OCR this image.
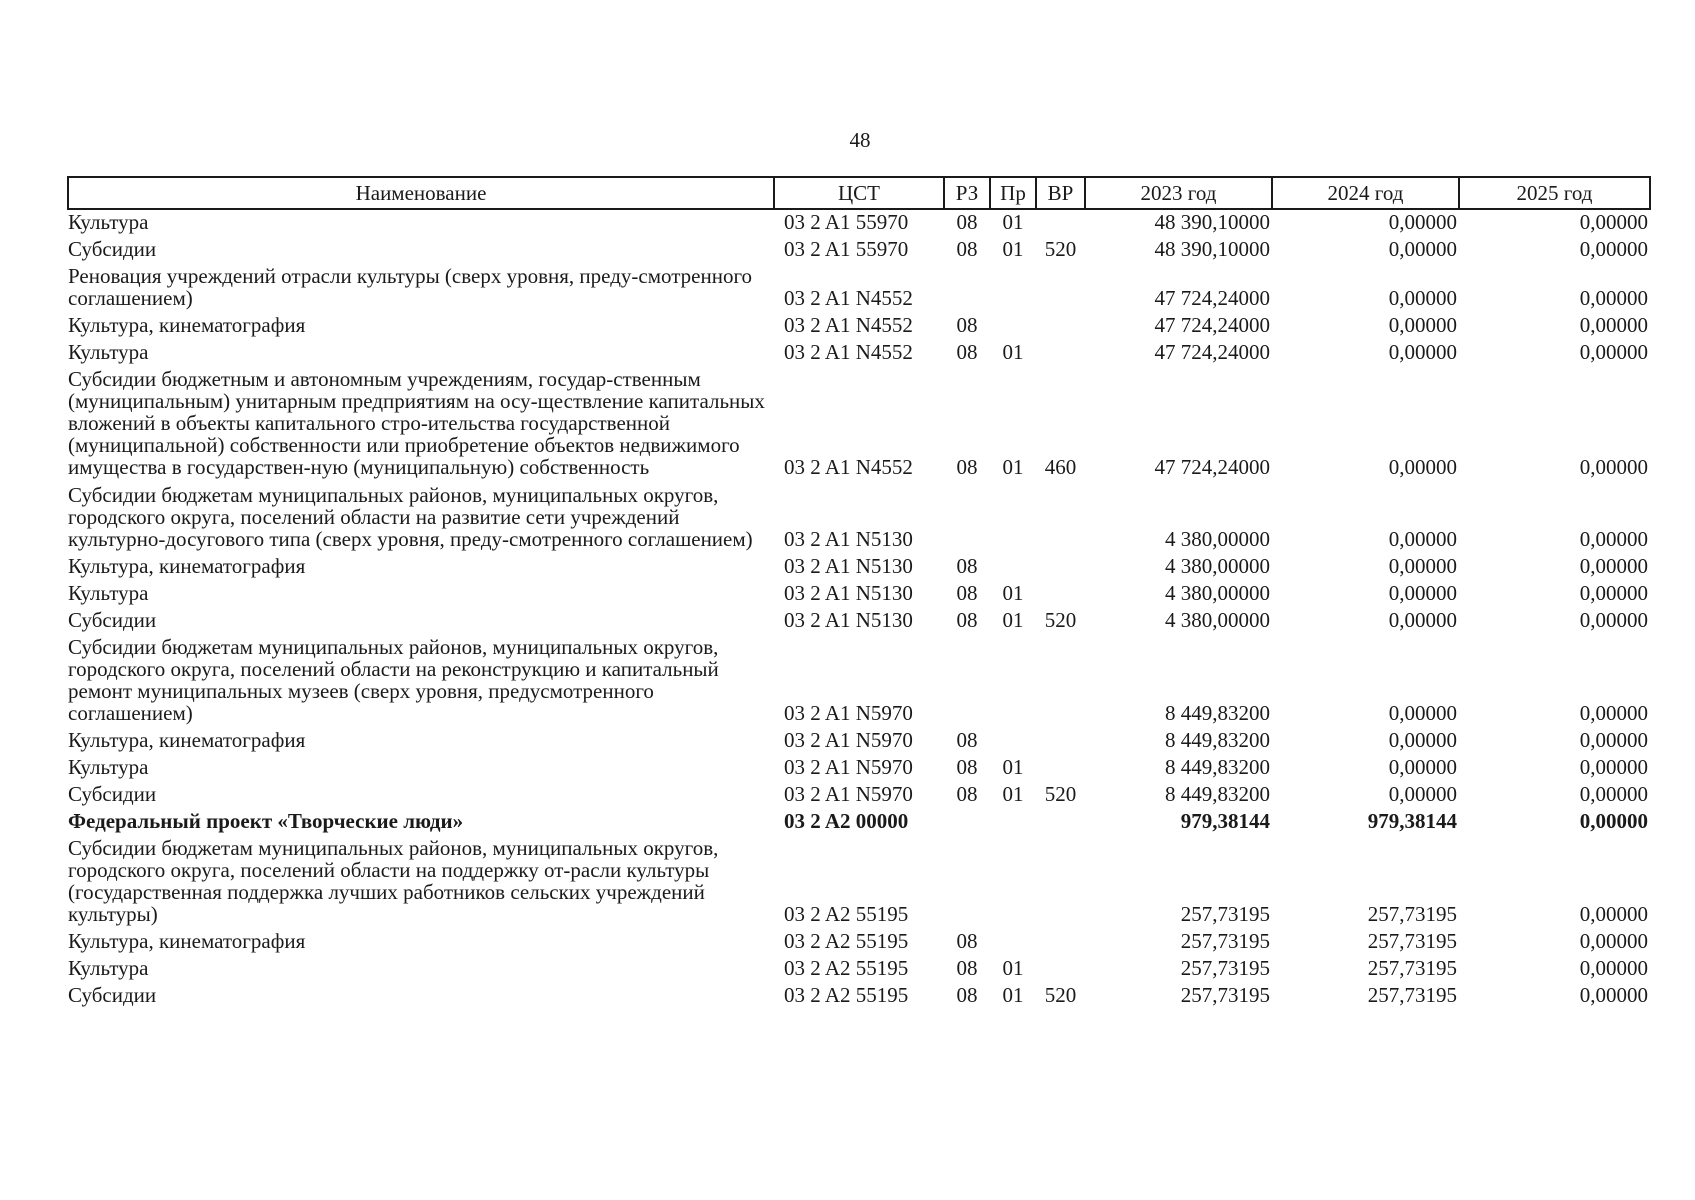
48
Наименование	ЦСТ	РЗ	Пр	ВР	2023 год	2024 год	2025 год
Культура	03 2 A1 55970	08	01		48 390,10000	0,00000	0,00000
Субсидии	03 2 A1 55970	08	01	520	48 390,10000	0,00000	0,00000
Реновация учреждений отрасли культуры (сверх уровня, преду-смотренного соглашением)	03 2 A1 N4552				47 724,24000	0,00000	0,00000
Культура, кинематография	03 2 A1 N4552	08			47 724,24000	0,00000	0,00000
Культура	03 2 A1 N4552	08	01		47 724,24000	0,00000	0,00000
Субсидии бюджетным и автономным учреждениям, государ-ственным (муниципальным) унитарным предприятиям на осу-ществление капитальных вложений в объекты капитального стро-ительства государственной (муниципальной) собственности или приобретение объектов недвижимого имущества в государствен-ную (муниципальную) собственность	03 2 A1 N4552	08	01	460	47 724,24000	0,00000	0,00000
Субсидии бюджетам муниципальных районов, муниципальных округов, городского округа, поселений области на развитие сети учреждений культурно-досугового типа (сверх уровня, преду-смотренного соглашением)	03 2 A1 N5130				4 380,00000	0,00000	0,00000
Культура, кинематография	03 2 A1 N5130	08			4 380,00000	0,00000	0,00000
Культура	03 2 A1 N5130	08	01		4 380,00000	0,00000	0,00000
Субсидии	03 2 A1 N5130	08	01	520	4 380,00000	0,00000	0,00000
Субсидии бюджетам муниципальных районов, муниципальных округов, городского округа, поселений области на реконструкцию и капитальный ремонт муниципальных музеев (сверх уровня, предусмотренного соглашением)	03 2 A1 N5970				8 449,83200	0,00000	0,00000
Культура, кинематография	03 2 A1 N5970	08			8 449,83200	0,00000	0,00000
Культура	03 2 A1 N5970	08	01		8 449,83200	0,00000	0,00000
Субсидии	03 2 A1 N5970	08	01	520	8 449,83200	0,00000	0,00000
Федеральный проект «Творческие люди»	03 2 A2 00000				979,38144	979,38144	0,00000
Субсидии бюджетам муниципальных районов, муниципальных округов, городского округа, поселений области на поддержку от-расли культуры (государственная поддержка лучших работников сельских учреждений культуры)	03 2 A2 55195				257,73195	257,73195	0,00000
Культура, кинематография	03 2 A2 55195	08			257,73195	257,73195	0,00000
Культура	03 2 A2 55195	08	01		257,73195	257,73195	0,00000
Субсидии	03 2 A2 55195	08	01	520	257,73195	257,73195	0,00000
